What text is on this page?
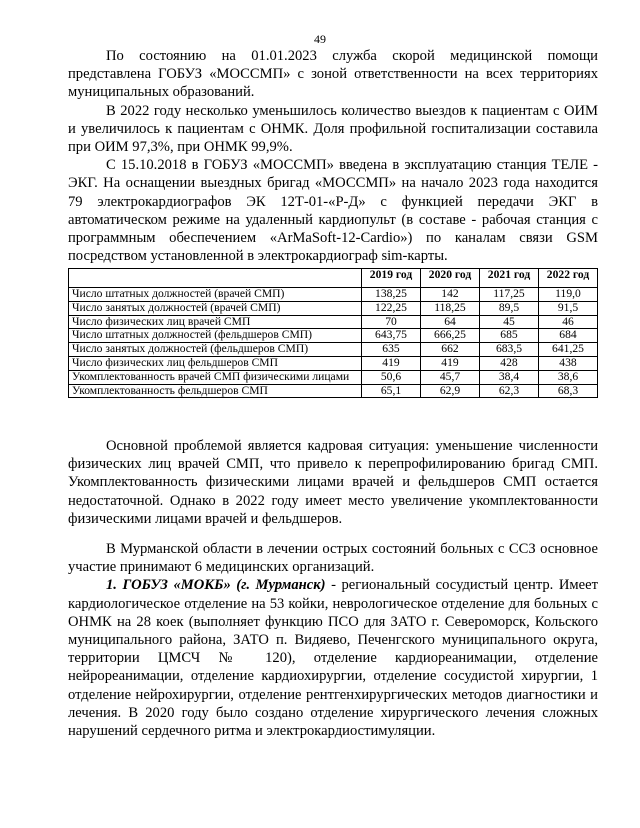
49

По состоянию на 01.01.2023 служба скорой медицинской помощи представлена ГОБУЗ «МОССМП» с зоной ответственности на всех территориях муниципальных образований.

В 2022 году несколько уменьшилось количество выездов к пациентам с ОИМ и увеличилось к пациентам с ОНМК. Доля профильной госпитализации составила при ОИМ 97,3%, при ОНМК 99,9%.

С 15.10.2018 в ГОБУЗ «МОССМП» введена в эксплуатацию станция ТЕЛЕ - ЭКГ. На оснащении выездных бригад «МОССМП» на начало 2023 года находится 79 электрокардиографов ЭК 12Т-01-«Р-Д» с функцией передачи ЭКГ в автоматическом режиме на удаленный кардиопульт (в составе - рабочая станция с программным обеспечением «ArMaSoft-12-Cardio») по каналам связи GSM посредством установленной в электрокардиограф sim-карты.

	2019 год	2020 год	2021 год	2022 год
Число штатных должностей (врачей СМП)	138,25	142	117,25	119,0
Число занятых должностей (врачей СМП)	122,25	118,25	89,5	91,5
Число физических лиц врачей СМП	70	64	45	46
Число штатных должностей (фельдшеров СМП)	643,75	666,25	685	684
Число занятых должностей (фельдшеров СМП)	635	662	683,5	641,25
Число физических лиц фельдшеров СМП	419	419	428	438
Укомплектованность врачей СМП физическими лицами	50,6	45,7	38,4	38,6
Укомплектованность фельдшеров СМП	65,1	62,9	62,3	68,3

Основной проблемой является кадровая ситуация: уменьшение численности физических лиц врачей СМП, что привело к перепрофилированию бригад СМП. Укомплектованность физическими лицами врачей и фельдшеров СМП остается недостаточной. Однако в 2022 году имеет место увеличение укомплектованности физическими лицами врачей и фельдшеров.

В Мурманской области в лечении острых состояний больных с ССЗ основное участие принимают 6 медицинских организаций.

1. ГОБУЗ «МОКБ» (г. Мурманск) - региональный сосудистый центр. Имеет кардиологическое отделение на 53 койки, неврологическое отделение для больных с ОНМК на 28 коек (выполняет функцию ПСО для ЗАТО г. Североморск, Кольского муниципального района, ЗАТО п. Видяево, Печенгского муниципального округа, территории ЦМСЧ № 120), отделение кардиореанимации, отделение нейрореанимации, отделение кардиохирургии, отделение сосудистой хирургии, 1 отделение нейрохирургии, отделение рентгенхирургических методов диагностики и лечения. В 2020 году было создано отделение хирургического лечения сложных нарушений сердечного ритма и электрокардиостимуляции.
